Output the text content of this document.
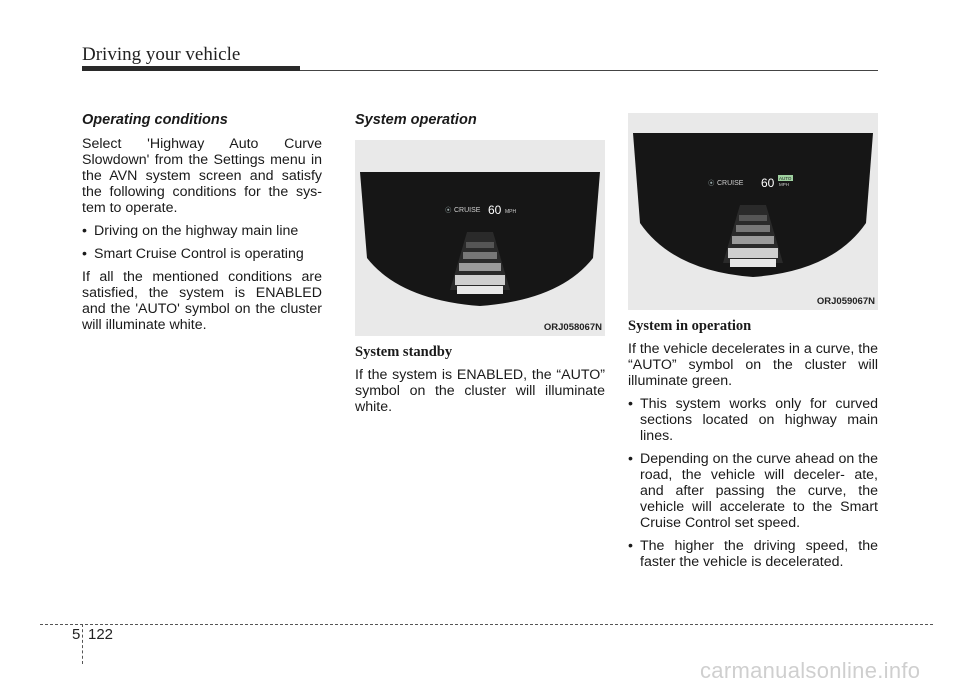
Driving your vehicle
Operating conditions

Select 'Highway Auto Curve Slowdown' from the Settings menu in the AVN system screen and satisfy the following conditions for the sys- tem to operate.

• Driving on the highway main line

• Smart Cruise Control is operating

If all the mentioned conditions are satisfied, the system is ENABLED and the 'AUTO' symbol on the cluster will illuminate white.

System operation
⦿ CRUISE 60 MPH
ORJ058067N
System standby

If the system is ENABLED, the “AUTO” symbol on the cluster will illuminate white.

⦿ CRUISE 60 AUTO
MPH
ORJ059067N
System in operation

If the vehicle decelerates in a curve, the “AUTO” symbol on the cluster will illuminate green.

• This system works only for curved sections located on highway main lines.

• Depending on the curve ahead on the road, the vehicle will deceler- ate, and after passing the curve, the vehicle will accelerate to the Smart Cruise Control set speed.

• The higher the driving speed, the faster the vehicle is decelerated.

5 122
carmanualsonline.info
